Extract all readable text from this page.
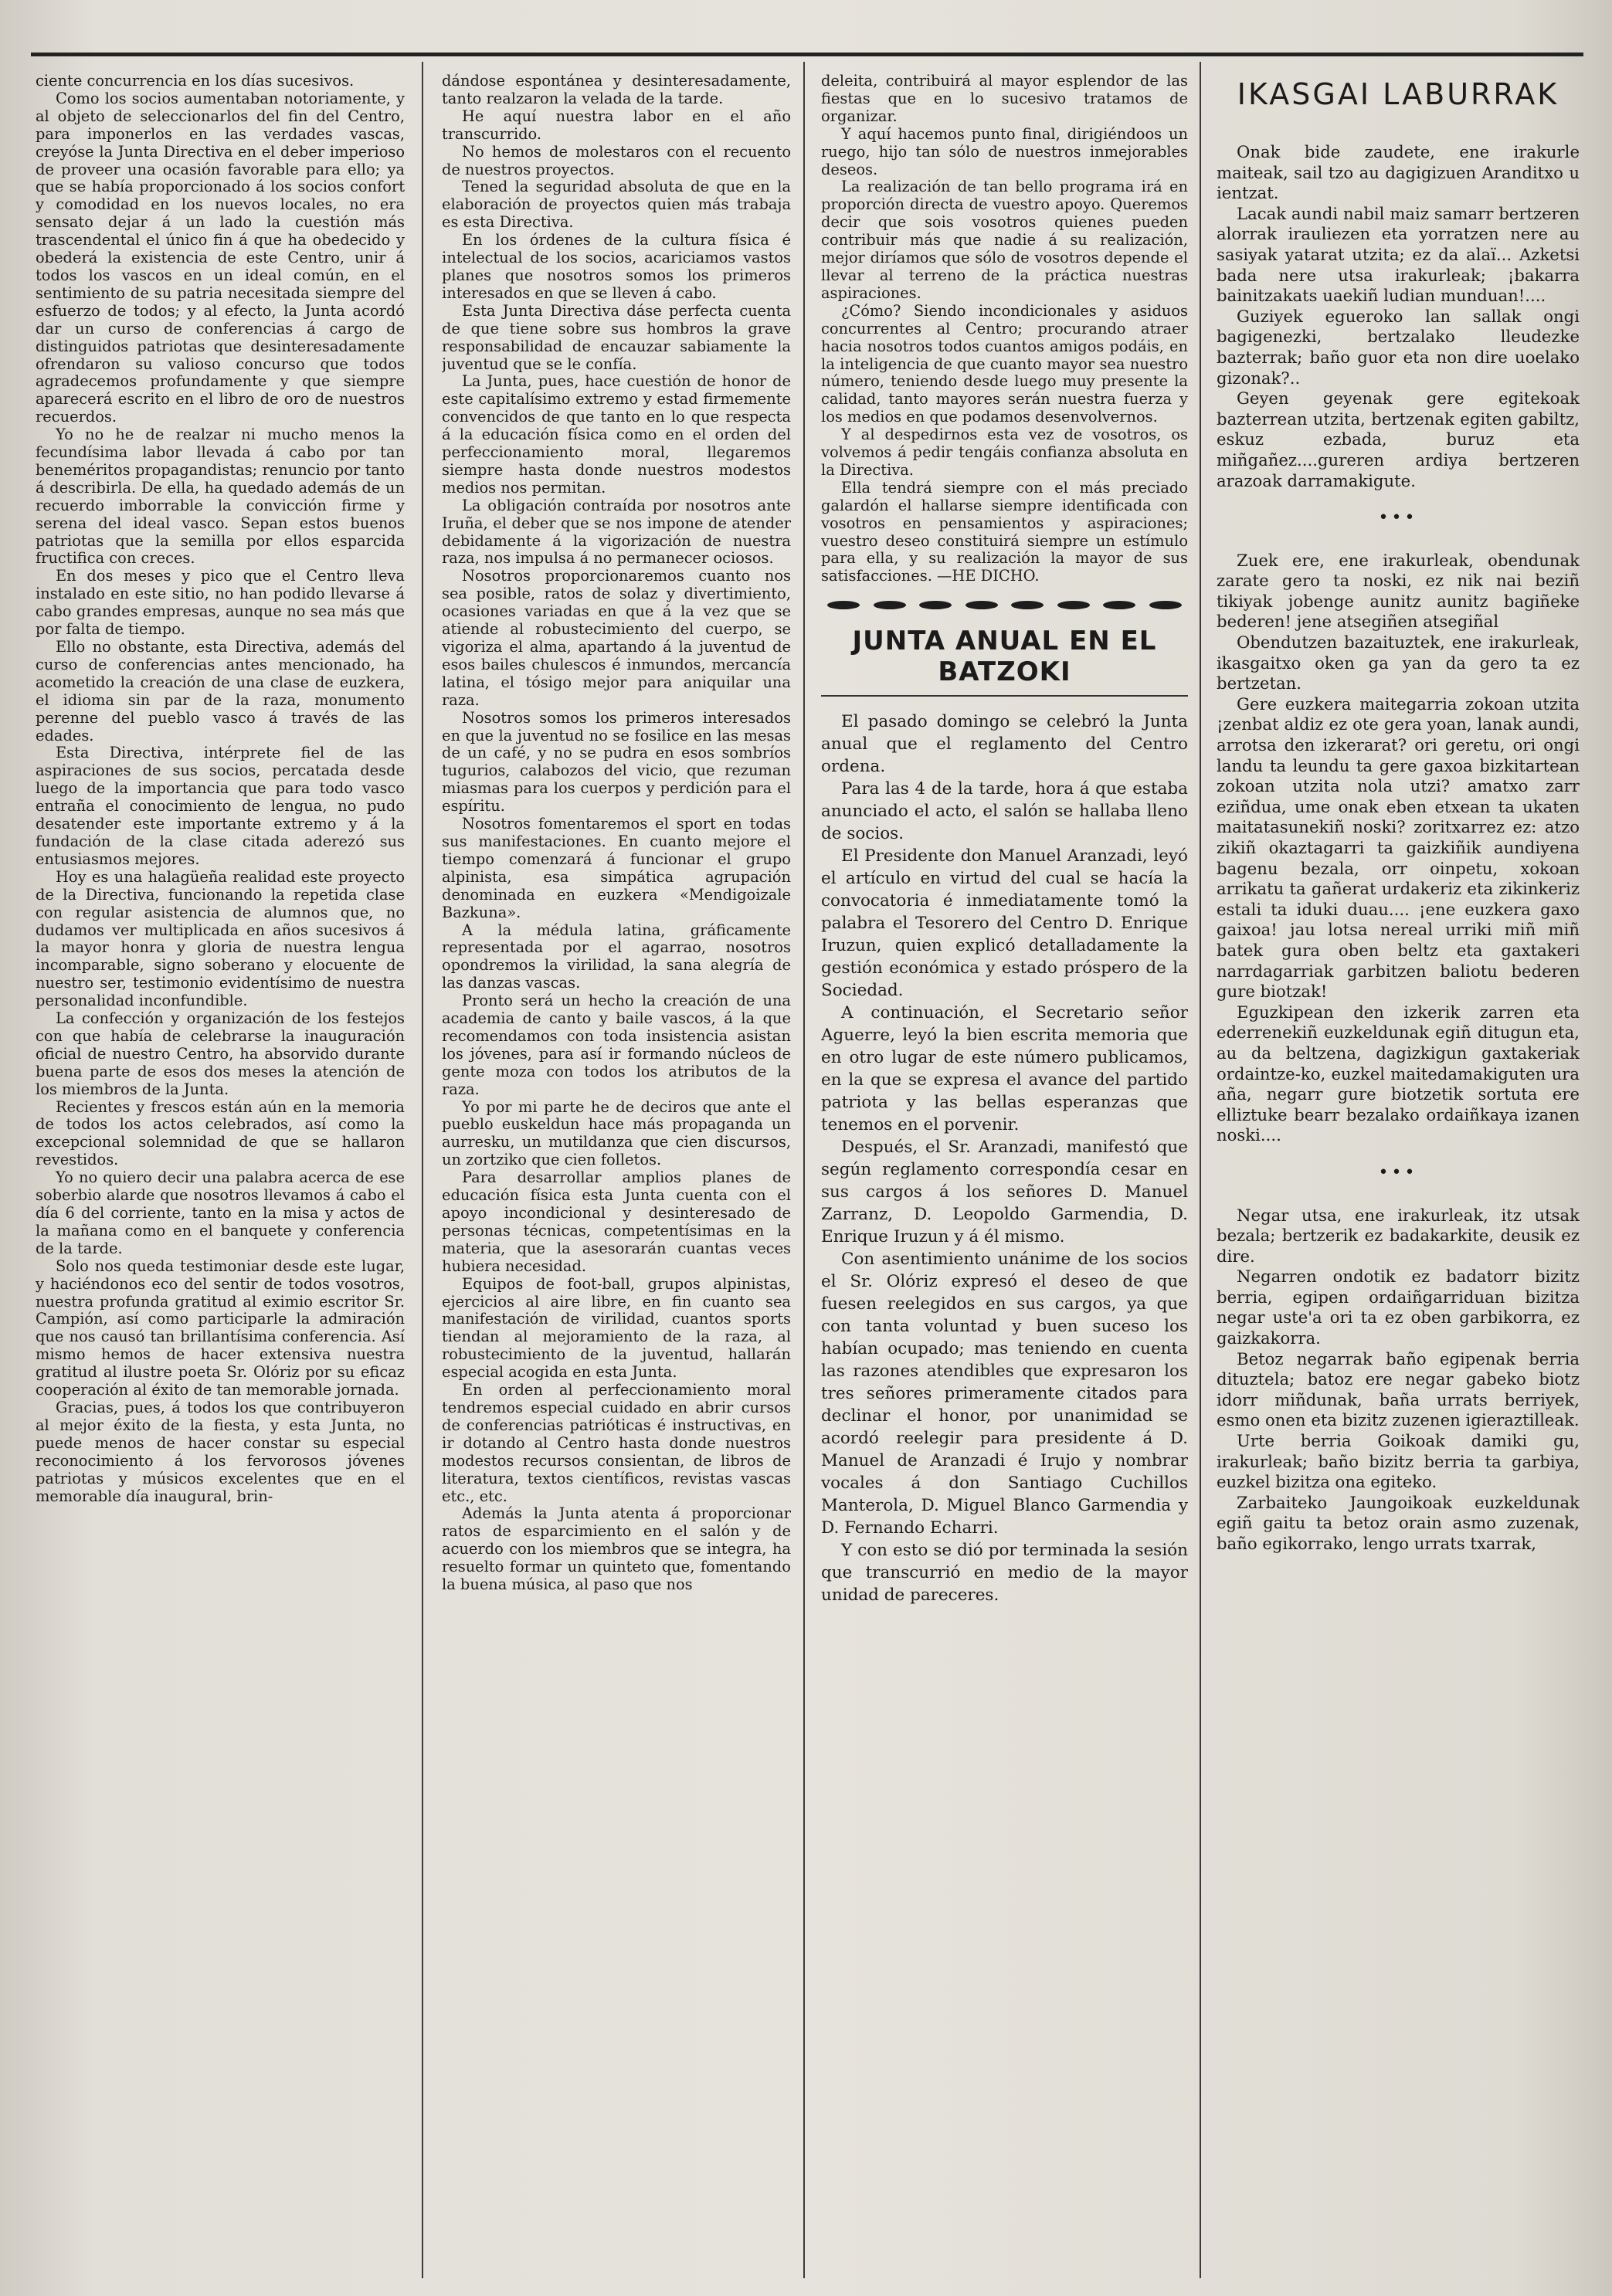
ciente concurrencia en los días sucesivos.

Como los socios aumentaban notoriamente, y al objeto de seleccionarlos del fin del Centro, para imponerlos en las verdades vascas, creyóse la Junta Directiva en el deber imperioso de proveer una ocasión favorable para ello; ya que se había proporcionado á los socios confort y comodidad en los nuevos locales, no era sensato dejar á un lado la cuestión más trascendental el único fin á que ha obedecido y obederá la existencia de este Centro, unir á todos los vascos en un ideal común, en el sentimiento de su patria necesitada siempre del esfuerzo de todos; y al efecto, la Junta acordó dar un curso de conferencias á cargo de distinguidos patriotas que desinteresadamente ofrendaron su valioso concurso que todos agradecemos profundamente y que siempre aparecerá escrito en el libro de oro de nuestros recuerdos.

Yo no he de realzar ni mucho menos la fecundísima labor llevada á cabo por tan beneméritos propagandistas; renuncio por tanto á describirla. De ella, ha quedado además de un recuerdo imborrable la convicción firme y serena del ideal vasco. Sepan estos buenos patriotas que la semilla por ellos esparcida fructifica con creces.

En dos meses y pico que el Centro lleva instalado en este sitio, no han podido llevarse á cabo grandes empresas, aunque no sea más que por falta de tiempo.

Ello no obstante, esta Directiva, además del curso de conferencias antes mencionado, ha acometido la creación de una clase de euzkera, el idioma sin par de la raza, monumento perenne del pueblo vasco á través de las edades.

Esta Directiva, intérprete fiel de las aspiraciones de sus socios, percatada desde luego de la importancia que para todo vasco entraña el conocimiento de lengua, no pudo desatender este importante extremo y á la fundación de la clase citada aderezó sus entusiasmos mejores.

Hoy es una halagüeña realidad este proyecto de la Directiva, funcionando la repetida clase con regular asistencia de alumnos que, no dudamos ver multiplicada en años sucesivos á la mayor honra y gloria de nuestra lengua incomparable, signo soberano y elocuente de nuestro ser, testimonio evidentísimo de nuestra personalidad inconfundible.

La confección y organización de los festejos con que había de celebrarse la inauguración oficial de nuestro Centro, ha absorvido durante buena parte de esos dos meses la atención de los miembros de la Junta.

Recientes y frescos están aún en la memoria de todos los actos celebrados, así como la excepcional solemnidad de que se hallaron revestidos.

Yo no quiero decir una palabra acerca de ese soberbio alarde que nosotros llevamos á cabo el día 6 del corriente, tanto en la misa y actos de la mañana como en el banquete y conferencia de la tarde.

Solo nos queda testimoniar desde este lugar, y haciéndonos eco del sentir de todos vosotros, nuestra profunda gratitud al eximio escritor Sr. Campión, así como participarle la admiración que nos causó tan brillantísima conferencia. Así mismo hemos de hacer extensiva nuestra gratitud al ilustre poeta Sr. Olóriz por su eficaz cooperación al éxito de tan memorable jornada.

Gracias, pues, á todos los que contribuyeron al mejor éxito de la fiesta, y esta Junta, no puede menos de hacer constar su especial reconocimiento á los fervorosos jóvenes patriotas y músicos excelentes que en el memorable día inaugural, brin-

dándose espontánea y desinteresadamente, tanto realzaron la velada de la tarde.

He aquí nuestra labor en el año transcurrido.

No hemos de molestaros con el recuento de nuestros proyectos.

Tened la seguridad absoluta de que en la elaboración de proyectos quien más trabaja es esta Directiva.

En los órdenes de la cultura física é intelectual de los socios, acariciamos vastos planes que nosotros somos los primeros interesados en que se lleven á cabo.

Esta Junta Directiva dáse perfecta cuenta de que tiene sobre sus hombros la grave responsabilidad de encauzar sabiamente la juventud que se le confía.

La Junta, pues, hace cuestión de honor de este capitalísimo extremo y estad firmemente convencidos de que tanto en lo que respecta á la educación física como en el orden del perfeccionamiento moral, llegaremos siempre hasta donde nuestros modestos medios nos permitan.

La obligación contraída por nosotros ante Iruña, el deber que se nos impone de atender debidamente á la vigorización de nuestra raza, nos impulsa á no permanecer ociosos.

Nosotros proporcionaremos cuanto nos sea posible, ratos de solaz y divertimiento, ocasiones variadas en que á la vez que se atiende al robustecimiento del cuerpo, se vigoriza el alma, apartando á la juventud de esos bailes chulescos é inmundos, mercancía latina, el tósigo mejor para aniquilar una raza.

Nosotros somos los primeros interesados en que la juventud no se fosilice en las mesas de un café, y no se pudra en esos sombríos tugurios, calabozos del vicio, que rezuman miasmas para los cuerpos y perdición para el espíritu.

Nosotros fomentaremos el sport en todas sus manifestaciones. En cuanto mejore el tiempo comenzará á funcionar el grupo alpinista, esa simpática agrupación denominada en euzkera «Mendigoizale Bazkuna».

A la médula latina, gráficamente representada por el agarrao, nosotros opondremos la virilidad, la sana alegría de las danzas vascas.

Pronto será un hecho la creación de una academia de canto y baile vascos, á la que recomendamos con toda insistencia asistan los jóvenes, para así ir formando núcleos de gente moza con todos los atributos de la raza.

Yo por mi parte he de deciros que ante el pueblo euskeldun hace más propaganda un aurresku, un mutildanza que cien discursos, un zortziko que cien folletos.

Para desarrollar amplios planes de educación física esta Junta cuenta con el apoyo incondicional y desinteresado de personas técnicas, competentísimas en la materia, que la asesorarán cuantas veces hubiera necesidad.

Equipos de foot-ball, grupos alpinistas, ejercicios al aire libre, en fin cuanto sea manifestación de virilidad, cuantos sports tiendan al mejoramiento de la raza, al robustecimiento de la juventud, hallarán especial acogida en esta Junta.

En orden al perfeccionamiento moral tendremos especial cuidado en abrir cursos de conferencias patrióticas é instructivas, en ir dotando al Centro hasta donde nuestros modestos recursos consientan, de libros de literatura, textos científicos, revistas vascas etc., etc.

Además la Junta atenta á proporcionar ratos de esparcimiento en el salón y de acuerdo con los miembros que se integra, ha resuelto formar un quinteto que, fomentando la buena música, al paso que nos

deleita, contribuirá al mayor esplendor de las fiestas que en lo sucesivo tratamos de organizar.

Y aquí hacemos punto final, dirigiéndoos un ruego, hijo tan sólo de nuestros inmejorables deseos.

La realización de tan bello programa irá en proporción directa de vuestro apoyo. Queremos decir que sois vosotros quienes pueden contribuir más que nadie á su realización, mejor diríamos que sólo de vosotros depende el llevar al terreno de la práctica nuestras aspiraciones.

¿Cómo? Siendo incondicionales y asiduos concurrentes al Centro; procurando atraer hacia nosotros todos cuantos amigos podáis, en la inteligencia de que cuanto mayor sea nuestro número, teniendo desde luego muy presente la calidad, tanto mayores serán nuestra fuerza y los medios en que podamos desenvolvernos.

Y al despedirnos esta vez de vosotros, os volvemos á pedir tengáis confianza absoluta en la Directiva.

Ella tendrá siempre con el más preciado galardón el hallarse siempre identificada con vosotros en pensamientos y aspiraciones; vuestro deseo constituirá siempre un estímulo para ella, y su realización la mayor de sus satisfacciones. —HE DICHO.

JUNTA ANUAL EN EL BATZOKI

El pasado domingo se celebró la Junta anual que el reglamento del Centro ordena.

Para las 4 de la tarde, hora á que estaba anunciado el acto, el salón se hallaba lleno de socios.

El Presidente don Manuel Aranzadi, leyó el artículo en virtud del cual se hacía la convocatoria é inmediatamente tomó la palabra el Tesorero del Centro D. Enrique Iruzun, quien explicó detalladamente la gestión económica y estado próspero de la Sociedad.

A continuación, el Secretario señor Aguerre, leyó la bien escrita memoria que en otro lugar de este número publicamos, en la que se expresa el avance del partido patriota y las bellas esperanzas que tenemos en el porvenir.

Después, el Sr. Aranzadi, manifestó que según reglamento correspondía cesar en sus cargos á los señores D. Manuel Zarranz, D. Leopoldo Garmendia, D. Enrique Iruzun y á él mismo.

Con asentimiento unánime de los socios el Sr. Olóriz expresó el deseo de que fuesen reelegidos en sus cargos, ya que con tanta voluntad y buen suceso los habían ocupado; mas teniendo en cuenta las razones atendibles que expresaron los tres señores primeramente citados para declinar el honor, por unanimidad se acordó reelegir para presidente á D. Manuel de Aranzadi é Irujo y nombrar vocales á don Santiago Cuchillos Manterola, D. Miguel Blanco Garmendia y D. Fernando Echarri.

Y con esto se dió por terminada la sesión que transcurrió en medio de la mayor unidad de pareceres.

IKASGAI LABURRAK

Onak bide zaudete, ene irakurle maiteak, sail tzo au dagigizuen Aranditxo u ientzat.

Lacak aundi nabil maiz samarr bertzeren alorrak irauliezen eta yorratzen nere au sasiyak yatarat utzita; ez da alaï... Azketsi bada nere utsa irakurleak; ¡bakarra bainitzakats uaekiñ ludian munduan!....

Guziyek egueroko lan sallak ongi bagigenezki, bertzalako lleudezke bazterrak; baño guor eta non dire uoelako gizonak?..

Geyen geyenak gere egitekoak bazterrean utzita, bertzenak egiten gabiltz, eskuz ezbada, buruz eta miñgañez....gureren ardiya bertzeren arazoak darramakigute.

•••

Zuek ere, ene irakurleak, obendunak zarate gero ta noski, ez nik nai beziñ tikiyak jobenge aunitz aunitz bagiñeke bederen! jene atsegiñen atsegiñal

Obendutzen bazaituztek, ene irakurleak, ikasgaitxo oken ga yan da gero ta ez bertzetan.

Gere euzkera maitegarria zokoan utzita ¡zenbat aldiz ez ote gera yoan, lanak aundi, arrotsa den izkerarat? ori geretu, ori ongi landu ta leundu ta gere gaxoa bizkitartean zokoan utzita nola utzi? amatxo zarr eziñdua, ume onak eben etxean ta ukaten maitatasunekiñ noski? zoritxarrez ez: atzo zikiñ okaztagarri ta gaizkiñik aundiyena bagenu bezala, orr oinpetu, xokoan arrikatu ta gañerat urdakeriz eta zikinkeriz estali ta iduki duau.... ¡ene euzkera gaxo gaixoa! jau lotsa nereal urriki miñ miñ batek gura oben beltz eta gaxtakeri narrdagarriak garbitzen baliotu bederen gure biotzak!

Eguzkipean den izkerik zarren eta ederrenekiñ euzkeldunak egiñ ditugun eta, au da beltzena, dagizkigun gaxtakeriak ordaintze-ko, euzkel maitedamakiguten ura aña, negarr gure biotzetik sortuta ere elliztuke bearr bezalako ordaiñkaya izanen noski....

•••

Negar utsa, ene irakurleak, itz utsak bezala; bertzerik ez badakarkite, deusik ez dire.

Negarren ondotik ez badatorr bizitz berria, egipen ordaiñgarriduan bizitza negar uste'a ori ta ez oben garbikorra, ez gaizkakorra.

Betoz negarrak baño egipenak berria dituztela; batoz ere negar gabeko biotz idorr miñdunak, baña urrats berriyek, esmo onen eta bizitz zuzenen igieraztilleak.

Urte berria Goikoak damiki gu, irakurleak; baño bizitz berria ta garbiya, euzkel bizitza ona egiteko.

Zarbaiteko Jaungoikoak euzkeldunak egiñ gaitu ta betoz orain asmo zuzenak, baño egikorrako, lengo urrats txarrak,
